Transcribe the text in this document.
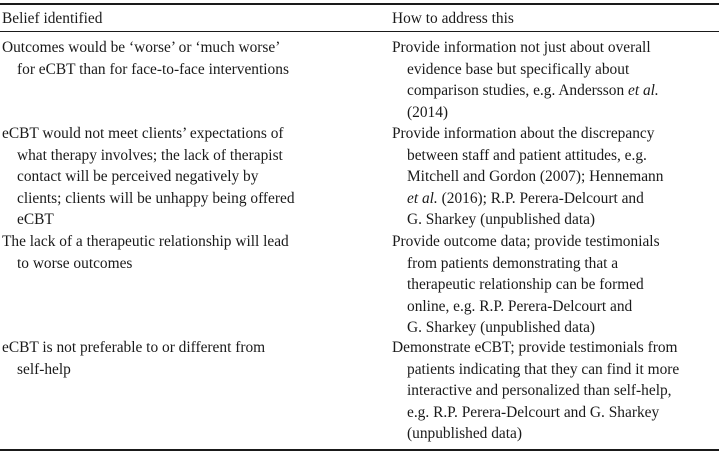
Belief identified	How to address this
Outcomes would be ‘worse’ or ‘much worse’
for eCBT than for face-to-face interventions
Provide information not just about overall
evidence base but specifically about
comparison studies, e.g. Andersson et al.
(2014)
eCBT would not meet clients’ expectations of
what therapy involves; the lack of therapist
contact will be perceived negatively by
clients; clients will be unhappy being offered
eCBT
Provide information about the discrepancy
between staff and patient attitudes, e.g.
Mitchell and Gordon (2007); Hennemann
et al. (2016); R.P. Perera-Delcourt and
G. Sharkey (unpublished data)
The lack of a therapeutic relationship will lead
to worse outcomes
Provide outcome data; provide testimonials
from patients demonstrating that a
therapeutic relationship can be formed
online, e.g. R.P. Perera-Delcourt and
G. Sharkey (unpublished data)
eCBT is not preferable to or different from
self-help
Demonstrate eCBT; provide testimonials from
patients indicating that they can find it more
interactive and personalized than self-help,
e.g. R.P. Perera-Delcourt and G. Sharkey
(unpublished data)
